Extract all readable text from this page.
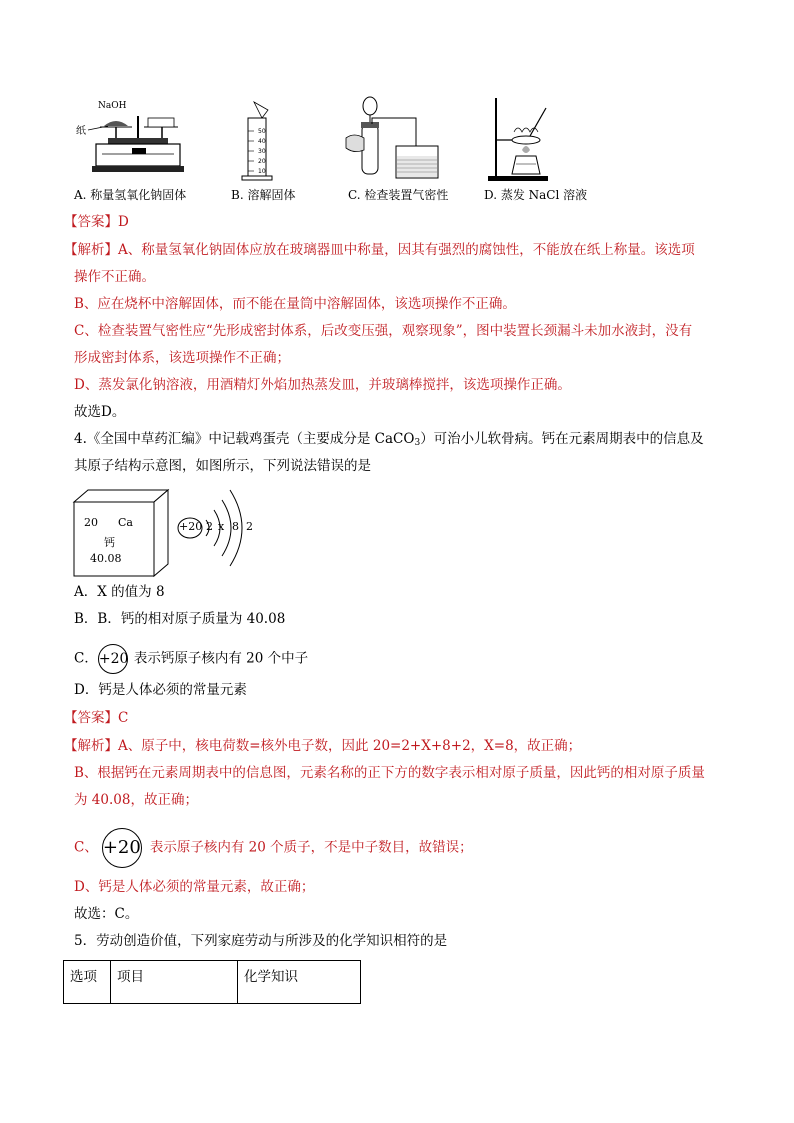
NaOH
纸	50
40
30
20
10
A. 称量氢氧化钠固体	B. 溶解固体	C. 检查装置气密性	D. 蒸发 NaCl 溶液
【答案】D
【解析】A、称量氢氧化钠固体应放在玻璃器皿中称量，因其有强烈的腐蚀性，不能放在纸上称量。该选项
操作不正确。
B、应在烧杯中溶解固体，而不能在量筒中溶解固体，该选项操作不正确。
C、检查装置气密性应“先形成密封体系，后改变压强，观察现象”，图中装置长颈漏斗未加水液封，没有
形成密封体系，该选项操作不正确；
D、蒸发氯化钠溶液，用酒精灯外焰加热蒸发皿，并玻璃棒搅拌，该选项操作正确。
故选D。
4.《全国中草药汇编》中记载鸡蛋壳（主要成分是 CaCO$_3$）可治小儿软骨病。钙在元素周期表中的信息及
其原子结构示意图，如图所示，下列说法错误的是
20 Ca
钙
40.08
+20 2 x 8 2
A．X 的值为 8
B．B．钙的相对原子质量为 40.08
C．+20 表示钙原子核内有 20 个中子
D．钙是人体必须的常量元素
【答案】C
【解析】A、原子中，核电荷数=核外电子数，因此 20=2+X+8+2，X=8，故正确；
B、根据钙在元素周期表中的信息图，元素名称的正下方的数字表示相对原子质量，因此钙的相对原子质量
为 40.08，故正确；
C、 +20 表示原子核内有 20 个质子，不是中子数目，故错误；
D、钙是人体必须的常量元素，故正确；
故选：C。
5．劳动创造价值，下列家庭劳动与所涉及的化学知识相符的是
选项	项目	化学知识
